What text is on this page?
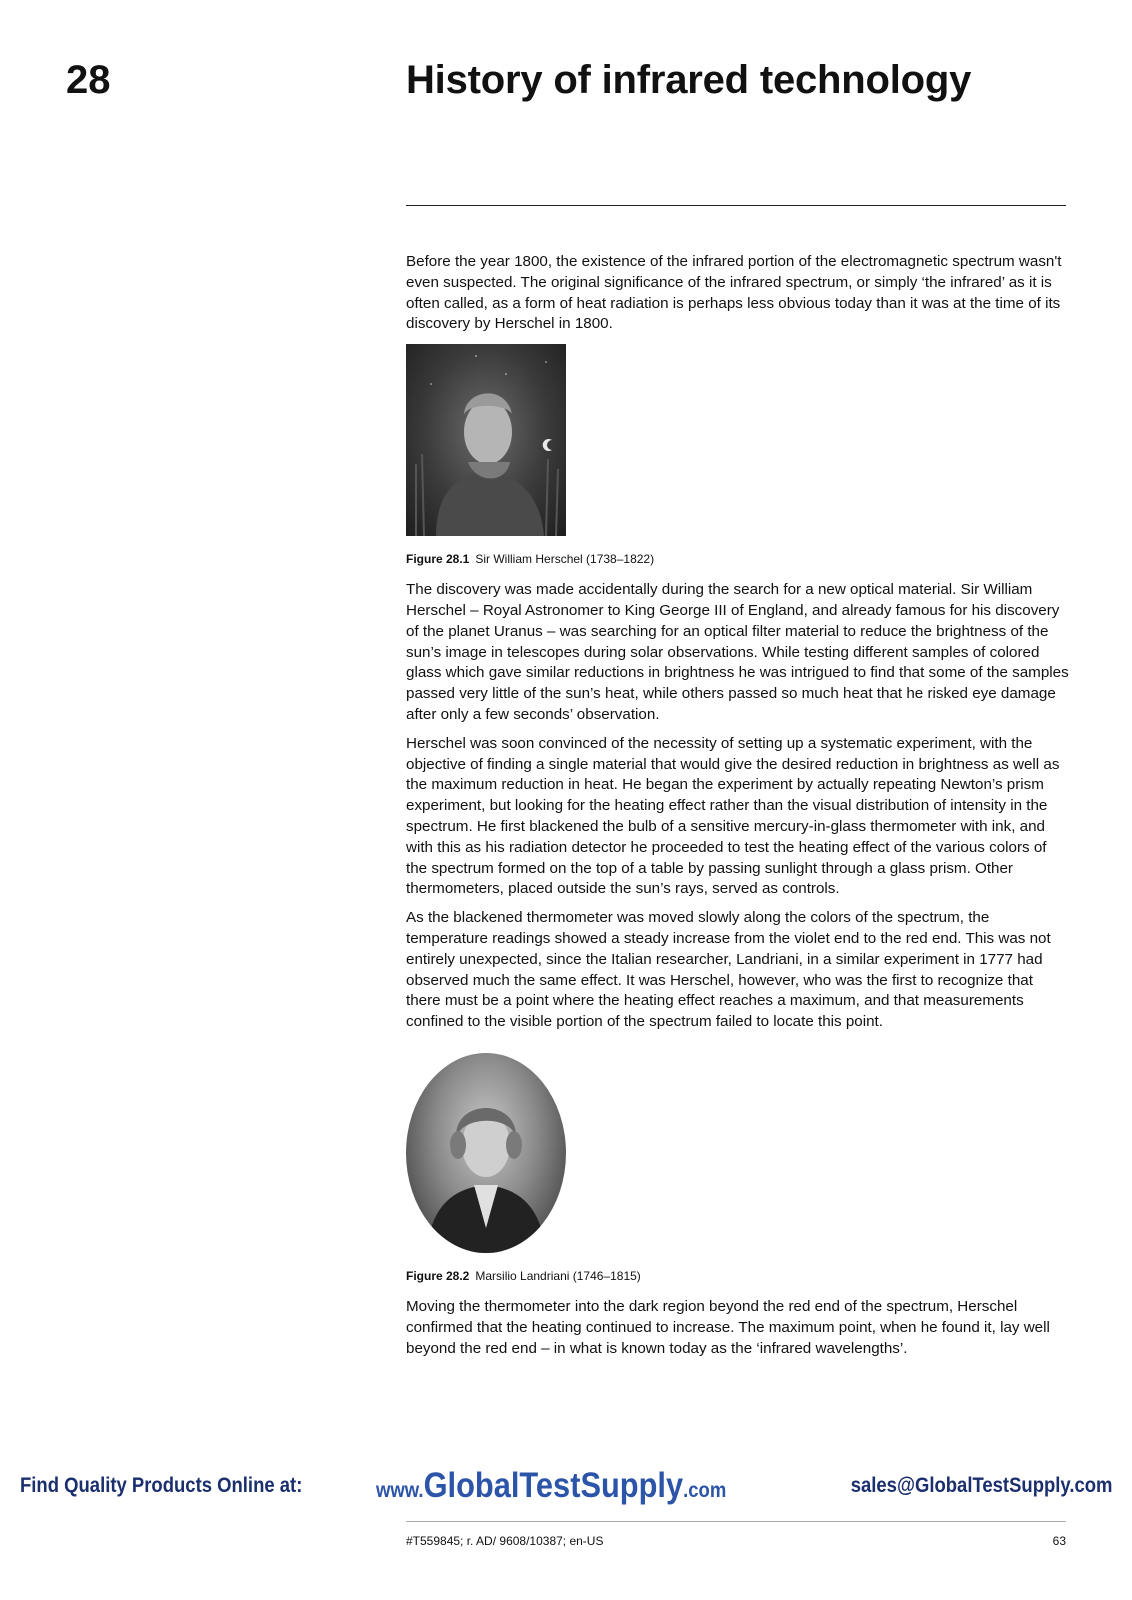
28	History of infrared technology

Before the year 1800, the existence of the infrared portion of the electromagnetic spectrum wasn't even suspected. The original significance of the infrared spectrum, or simply ‘the infrared’ as it is often called, as a form of heat radiation is perhaps less obvious today than it was at the time of its discovery by Herschel in 1800.

Figure 28.1 Sir William Herschel (1738–1822)

The discovery was made accidentally during the search for a new optical material. Sir William Herschel – Royal Astronomer to King George III of England, and already famous for his discovery of the planet Uranus – was searching for an optical filter material to reduce the brightness of the sun’s image in telescopes during solar observations. While testing different samples of colored glass which gave similar reductions in brightness he was intrigued to find that some of the samples passed very little of the sun’s heat, while others passed so much heat that he risked eye damage after only a few seconds’ observation.

Herschel was soon convinced of the necessity of setting up a systematic experiment, with the objective of finding a single material that would give the desired reduction in brightness as well as the maximum reduction in heat. He began the experiment by actually repeating Newton’s prism experiment, but looking for the heating effect rather than the visual distribution of intensity in the spectrum. He first blackened the bulb of a sensitive mercury-in-glass thermometer with ink, and with this as his radiation detector he proceeded to test the heating effect of the various colors of the spectrum formed on the top of a table by passing sunlight through a glass prism. Other thermometers, placed outside the sun’s rays, served as controls.

As the blackened thermometer was moved slowly along the colors of the spectrum, the temperature readings showed a steady increase from the violet end to the red end. This was not entirely unexpected, since the Italian researcher, Landriani, in a similar experiment in 1777 had observed much the same effect. It was Herschel, however, who was the first to recognize that there must be a point where the heating effect reaches a maximum, and that measurements confined to the visible portion of the spectrum failed to locate this point.

Figure 28.2 Marsilio Landriani (1746–1815)

Moving the thermometer into the dark region beyond the red end of the spectrum, Herschel confirmed that the heating continued to increase. The maximum point, when he found it, lay well beyond the red end – in what is known today as the ‘infrared wavelengths’.

Find Quality Products Online at:	www.GlobalTestSupply.com	sales@GlobalTestSupply.com
#T559845; r. AD/ 9608/10387; en-US	63
